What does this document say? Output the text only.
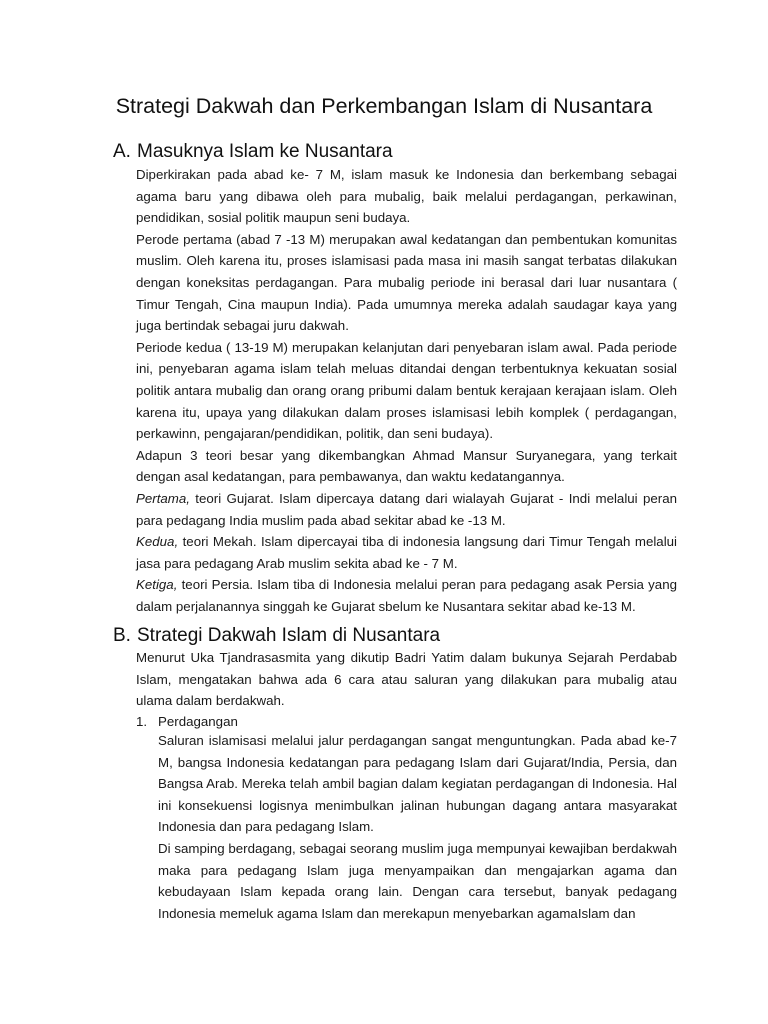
Strategi Dakwah dan Perkembangan Islam di Nusantara
A. Masuknya Islam ke Nusantara

Diperkirakan pada abad ke- 7 M, islam masuk ke Indonesia dan berkembang sebagai agama baru yang dibawa oleh para mubalig, baik melalui perdagangan, perkawinan, pendidikan, sosial politik maupun seni budaya.

Perode pertama (abad 7 -13 M) merupakan awal kedatangan dan pembentukan komunitas muslim. Oleh karena itu, proses islamisasi pada masa ini masih sangat terbatas dilakukan dengan koneksitas perdagangan. Para mubalig periode ini berasal dari luar nusantara ( Timur Tengah, Cina maupun India). Pada umumnya mereka adalah saudagar kaya yang juga bertindak sebagai juru dakwah.

Periode kedua ( 13-19 M) merupakan kelanjutan dari penyebaran islam awal. Pada periode ini, penyebaran agama islam telah meluas ditandai dengan terbentuknya kekuatan sosial politik antara mubalig dan orang orang pribumi dalam bentuk kerajaan kerajaan islam. Oleh karena itu, upaya yang dilakukan dalam proses islamisasi lebih komplek ( perdagangan, perkawinn, pengajaran/pendidikan, politik, dan seni budaya).

Adapun 3 teori besar yang dikembangkan Ahmad Mansur Suryanegara, yang terkait dengan asal kedatangan, para pembawanya, dan waktu kedatangannya.

Pertama, teori Gujarat. Islam dipercaya datang dari wialayah Gujarat - Indi melalui peran para pedagang India muslim pada abad sekitar abad ke -13 M.

Kedua, teori Mekah. Islam dipercayai tiba di indonesia langsung dari Timur Tengah melalui jasa para pedagang Arab muslim sekita abad ke - 7 M.

Ketiga, teori Persia. Islam tiba di Indonesia melalui peran para pedagang asak Persia yang dalam perjalanannya singgah ke Gujarat sbelum ke Nusantara sekitar abad ke-13 M.

B. Strategi Dakwah Islam di Nusantara

Menurut Uka Tjandrasasmita yang dikutip Badri Yatim dalam bukunya Sejarah Perdabab Islam, mengatakan bahwa ada 6 cara atau saluran yang dilakukan para mubalig atau ulama dalam berdakwah.

1. Perdagangan

Saluran islamisasi melalui jalur perdagangan sangat menguntungkan. Pada abad ke-7 M, bangsa Indonesia kedatangan para pedagang Islam dari Gujarat/India, Persia, dan Bangsa Arab. Mereka telah ambil bagian dalam kegiatan perdagangan di Indonesia. Hal ini konsekuensi logisnya menimbulkan jalinan hubungan dagang antara masyarakat Indonesia dan para pedagang Islam.

Di samping berdagang, sebagai seorang muslim juga mempunyai kewajiban berdakwah maka para pedagang Islam juga menyampaikan dan mengajarkan agama dan kebudayaan Islam kepada orang lain. Dengan cara tersebut, banyak pedagang Indonesia memeluk agama Islam dan merekapun menyebarkan agamaIslam dan
